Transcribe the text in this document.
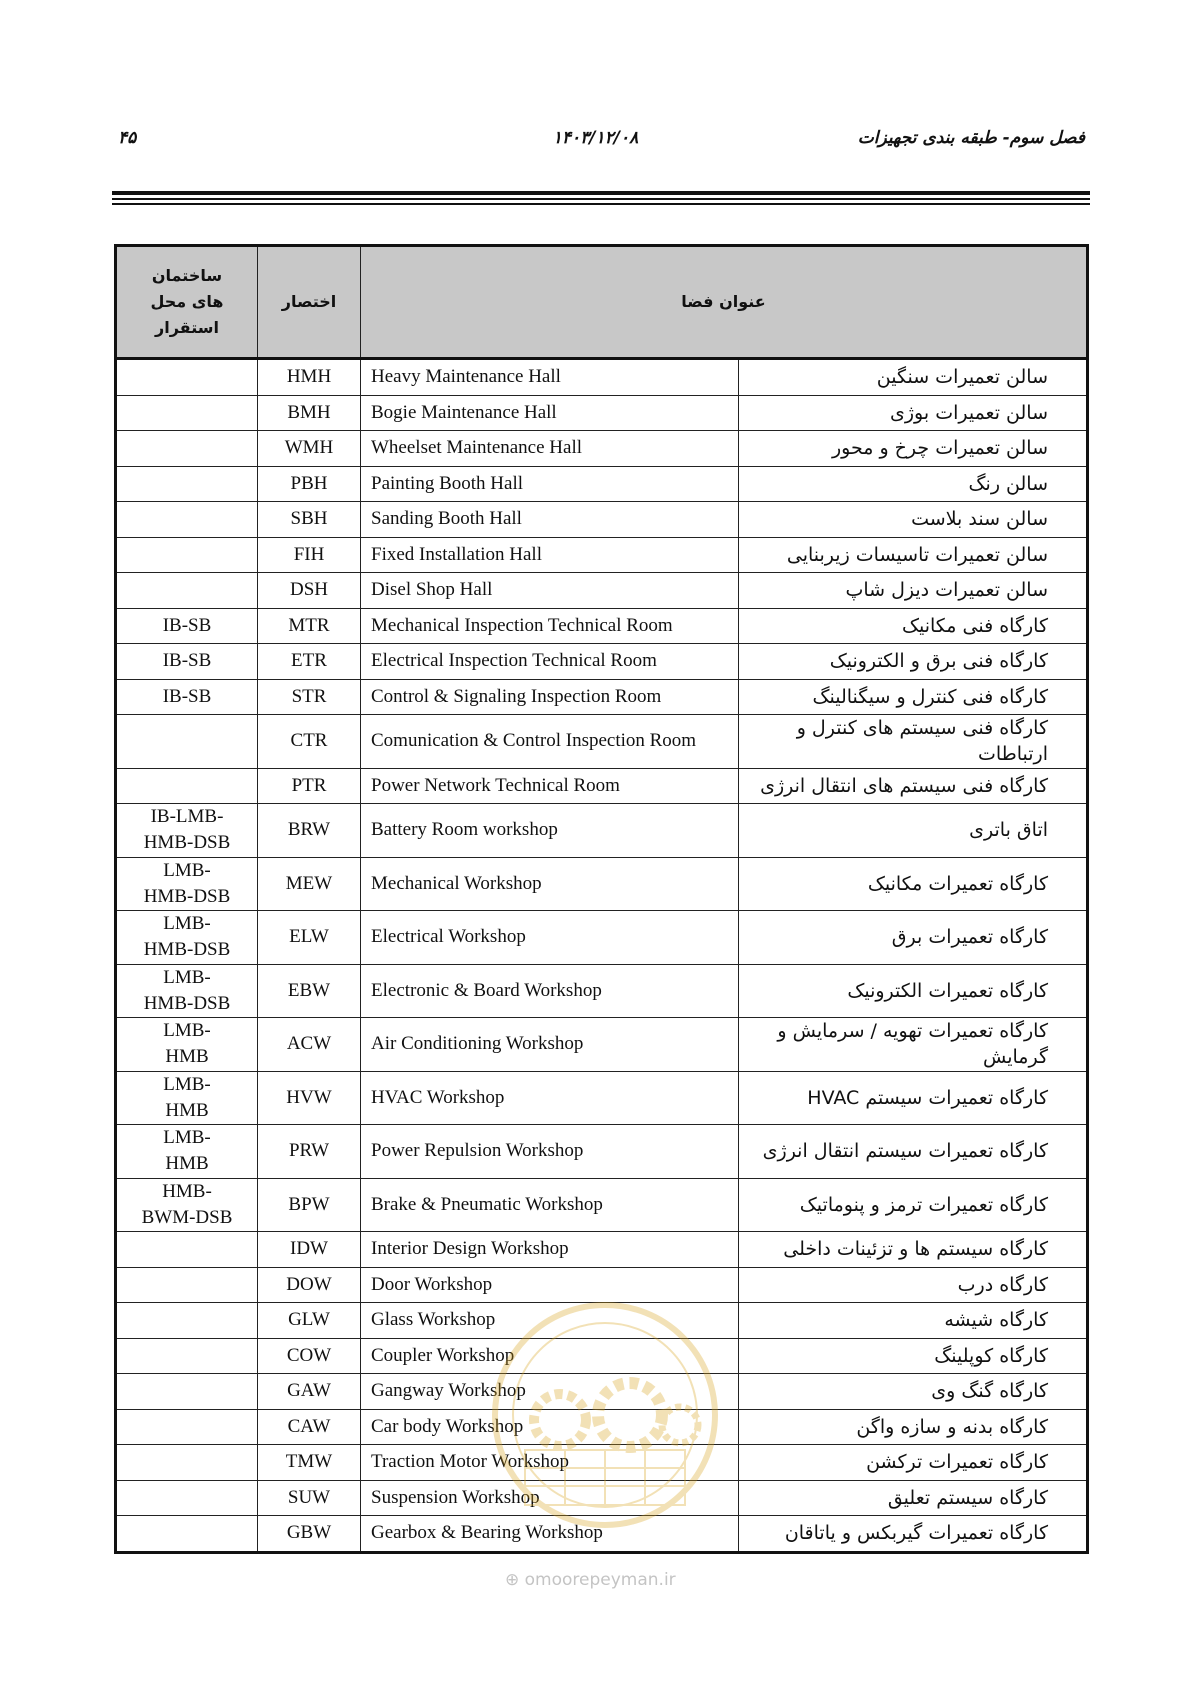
فصل سوم- طبقه بندی تجهیزات
۱۴۰۳/۱۲/۰۸
۴۵
ساختمان
های محل
استقرار	اختصار	عنوان فضا	
	HMH	Heavy Maintenance Hall	سالن تعمیرات سنگین
	BMH	Bogie Maintenance Hall	سالن تعمیرات بوژی
	WMH	Wheelset Maintenance Hall	سالن تعمیرات چرخ و محور
	PBH	Painting Booth Hall	سالن رنگ
	SBH	Sanding Booth Hall	سالن سند بلاست
	FIH	Fixed Installation Hall	سالن تعمیرات تاسیسات زیربنایی
	DSH	Disel Shop Hall	سالن تعمیرات دیزل شاپ

IB-SB	MTR	Mechanical Inspection Technical Room	کارگاه فنی مکانیک

IB-SB	ETR	Electrical Inspection Technical Room	کارگاه فنی برق و الکترونیک

IB-SB	STR	Control & Signaling Inspection Room	کارگاه فنی کنترل و سیگنالینگ
	CTR	Comunication & Control Inspection Room	کارگاه فنی سیستم های کنترل و ارتباطات
	PTR	Power Network Technical Room	کارگاه فنی سیستم های انتقال انرژی

IB-LMB-
HMB-DSB	BRW	Battery Room workshop	اتاق باتری

LMB-
HMB-DSB	MEW	Mechanical Workshop	کارگاه تعمیرات مکانیک

LMB-
HMB-DSB	ELW	Electrical Workshop	کارگاه تعمیرات برق

LMB-
HMB-DSB	EBW	Electronic & Board Workshop	کارگاه تعمیرات الکترونیک

LMB-
HMB	ACW	Air Conditioning Workshop	کارگاه تعمیرات تهویه / سرمایش و گرمایش

LMB-
HMB	HVW	HVAC Workshop	کارگاه تعمیرات سیستم HVAC

LMB-
HMB	PRW	Power Repulsion Workshop	کارگاه تعمیرات سیستم انتقال انرژی

HMB-
BWM-DSB	BPW	Brake & Pneumatic Workshop	کارگاه تعمیرات ترمز و پنوماتیک
	IDW	Interior Design Workshop	کارگاه سیستم ها و تزئینات داخلی
	DOW	Door Workshop	کارگاه درب
	GLW	Glass Workshop	کارگاه شیشه
	COW	Coupler Workshop	کارگاه کوپلینگ
	GAW	Gangway Workshop	کارگاه گنگ وی
	CAW	Car body Workshop	کارگاه بدنه و سازه واگن
	TMW	Traction Motor Workshop	کارگاه تعمیرات ترکشن
	SUW	Suspension Workshop	کارگاه سیستم تعلیق
	GBW	Gearbox & Bearing Workshop	کارگاه تعمیرات گیربکس و یاتاقان
⊕ omoorepeyman.ir
